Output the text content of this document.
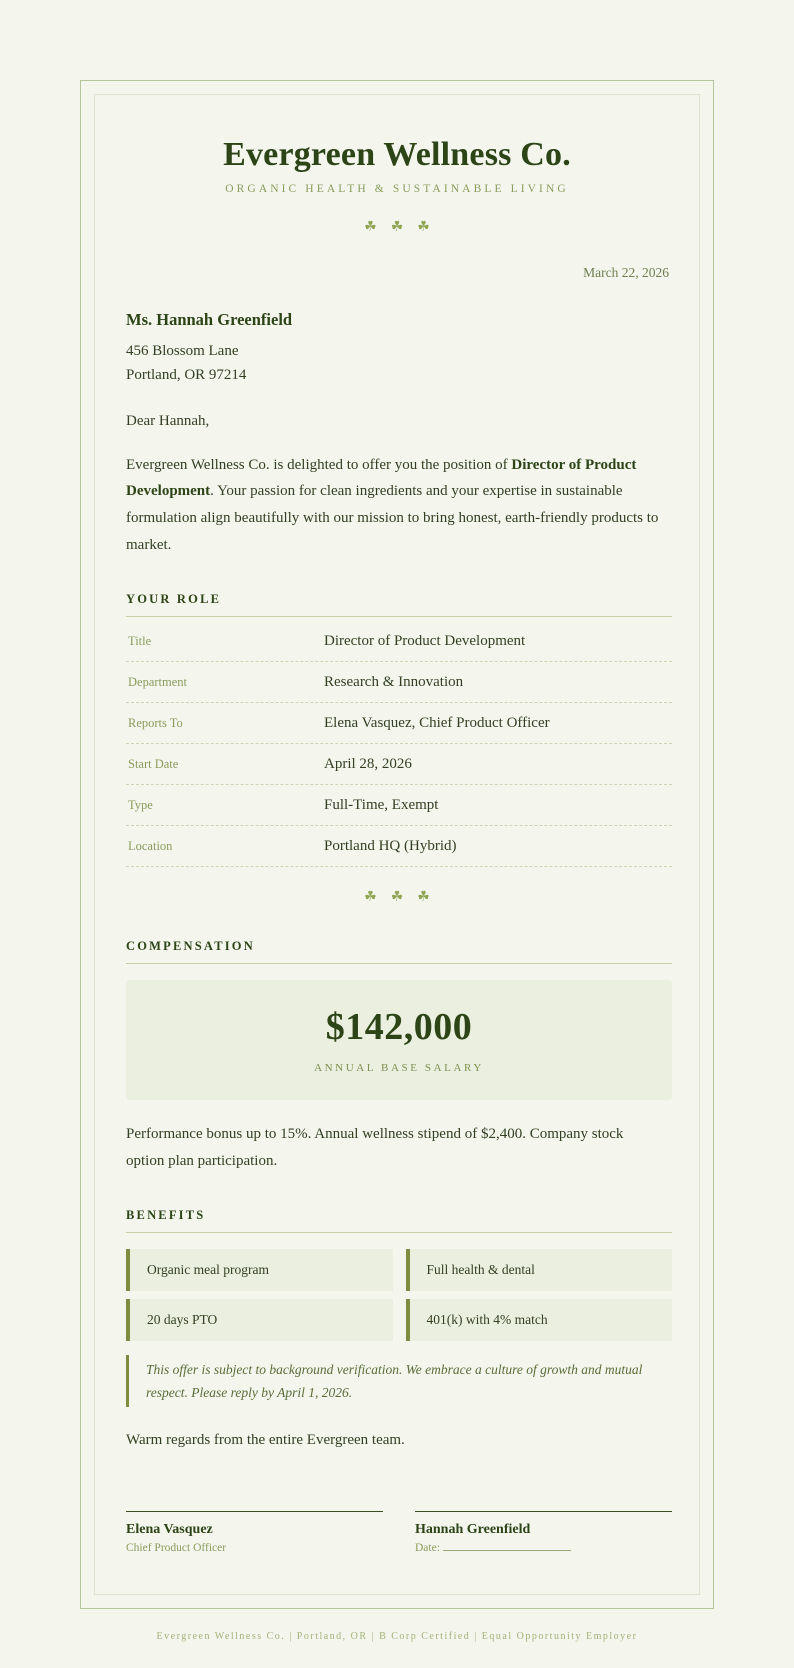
Evergreen Wellness Co.
ORGANIC HEALTH & SUSTAINABLE LIVING
☘☘☘
March 22, 2026
Ms. Hannah Greenfield
456 Blossom Lane
Portland, OR 97214
Dear Hannah,

Evergreen Wellness Co. is delighted to offer you the position of Director of Product Development. Your passion for clean ingredients and your expertise in sustainable formulation align beautifully with our mission to bring honest, earth-friendly products to market.

YOUR ROLE
Title	Director of Product Development
Department	Research & Innovation
Reports To	Elena Vasquez, Chief Product Officer
Start Date	April 28, 2026
Type	Full-Time, Exempt
Location	Portland HQ (Hybrid)
☘☘☘
COMPENSATION
$142,000
ANNUAL BASE SALARY

Performance bonus up to 15%. Annual wellness stipend of $2,400. Company stock option plan participation.

BENEFITS
Organic meal program	Full health & dental
20 days PTO	401(k) with 4% match
This offer is subject to background verification. We embrace a culture of growth and mutual respect. Please reply by April 1, 2026.
Warm regards from the entire Evergreen team.
Elena Vasquez
Chief Product Officer
Hannah Greenfield
Date:
Evergreen Wellness Co. | Portland, OR | B Corp Certified | Equal Opportunity Employer
